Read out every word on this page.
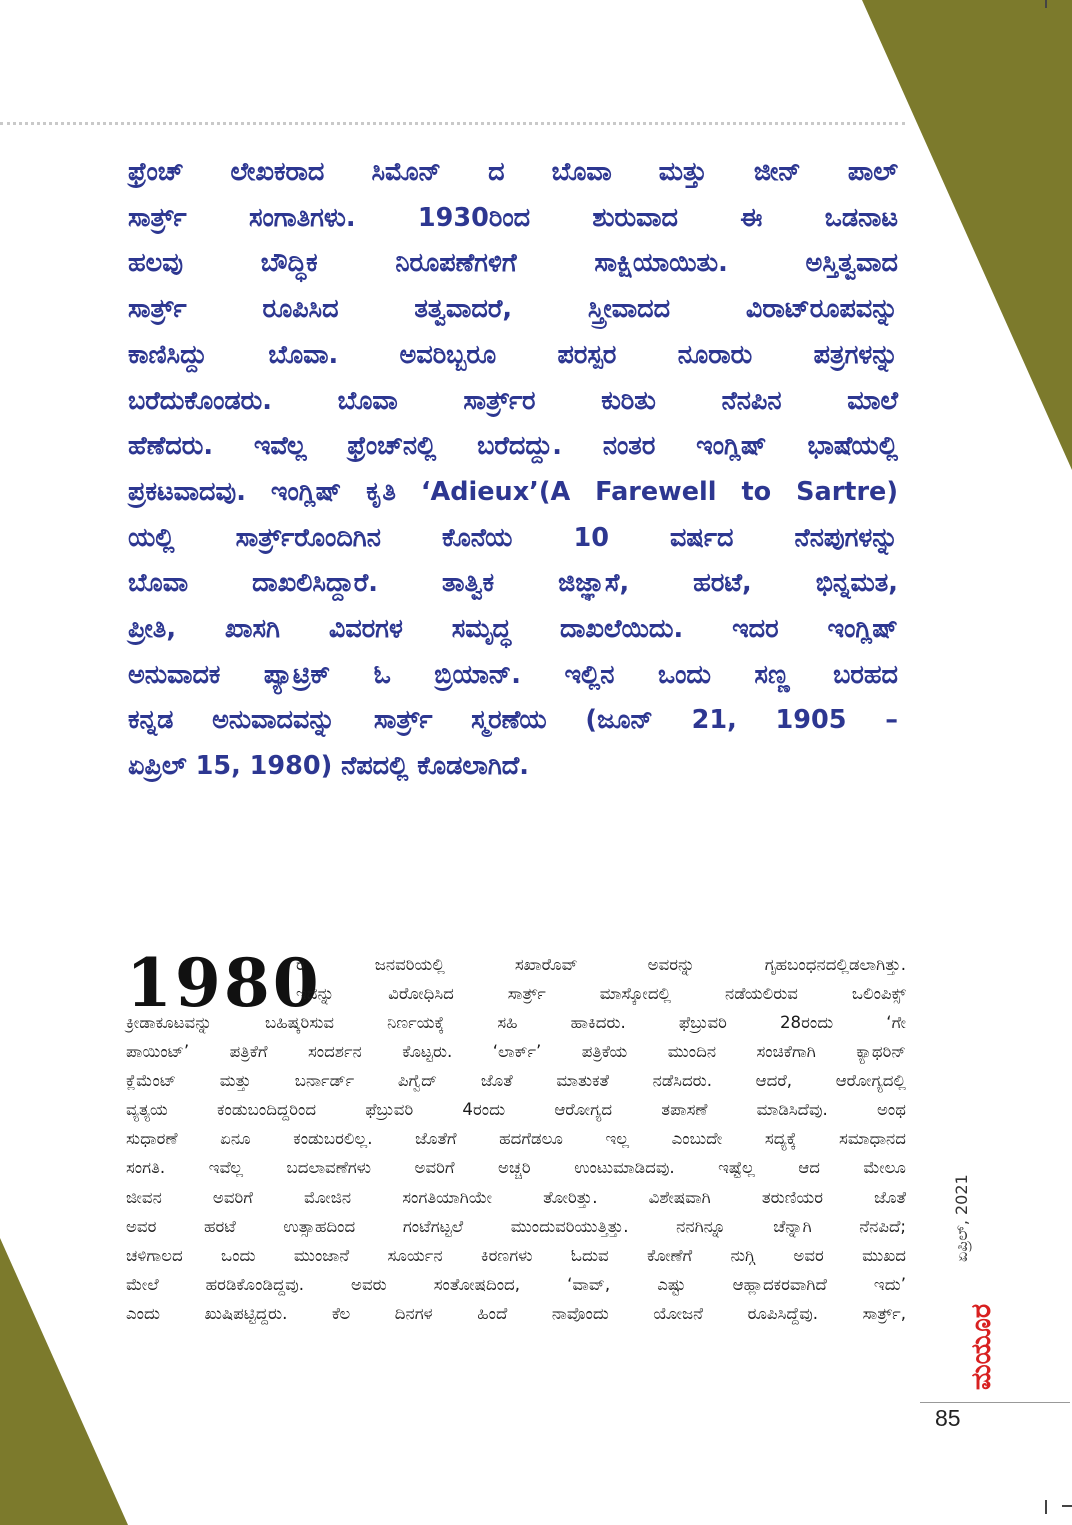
ಫ್ರೆಂಚ್ ಲೇಖಕರಾದ ಸಿಮೊನ್ ದ ಬೊವಾ ಮತ್ತು ಜೀನ್ ಪಾಲ್
ಸಾರ್ತ್ರ್ ಸಂಗಾತಿಗಳು. 1930ರಿಂದ ಶುರುವಾದ ಈ ಒಡನಾಟ
ಹಲವು ಬೌದ್ಧಿಕ ನಿರೂಪಣೆಗಳಿಗೆ ಸಾಕ್ಷಿಯಾಯಿತು. ಅಸ್ತಿತ್ವವಾದ
ಸಾರ್ತ್ರ್ ರೂಪಿಸಿದ ತತ್ವವಾದರೆ, ಸ್ತ್ರೀವಾದದ ವಿರಾಟ್‌ರೂಪವನ್ನು
ಕಾಣಿಸಿದ್ದು ಬೊವಾ. ಅವರಿಬ್ಬರೂ ಪರಸ್ಪರ ನೂರಾರು ಪತ್ರಗಳನ್ನು
ಬರೆದುಕೊಂಡರು. ಬೊವಾ ಸಾರ್ತ್ರ್‌ರ ಕುರಿತು ನೆನಪಿನ ಮಾಲೆ
ಹೆಣೆದರು. ಇವೆಲ್ಲ ಫ್ರೆಂಚ್‌ನಲ್ಲಿ ಬರೆದದ್ದು. ನಂತರ ಇಂಗ್ಲಿಷ್ ಭಾಷೆಯಲ್ಲಿ
ಪ್ರಕಟವಾದವು. ಇಂಗ್ಲಿಷ್ ಕೃತಿ ‘Adieux’(A Farewell to Sartre)
ಯಲ್ಲಿ ಸಾರ್ತ್ರ್‌ರೊಂದಿಗಿನ ಕೊನೆಯ 10 ವರ್ಷದ ನೆನಪುಗಳನ್ನು
ಬೊವಾ ದಾಖಲಿಸಿದ್ದಾರೆ. ತಾತ್ವಿಕ ಜಿಜ್ಞಾಸೆ, ಹರಟೆ, ಭಿನ್ನಮತ,
ಪ್ರೀತಿ, ಖಾಸಗಿ ವಿವರಗಳ ಸಮೃದ್ಧ ದಾಖಲೆಯಿದು. ಇದರ ಇಂಗ್ಲಿಷ್
ಅನುವಾದಕ ಪ್ಯಾಟ್ರಿಕ್ ಓ ಬ್ರಿಯಾನ್‌. ಇಲ್ಲಿನ ಒಂದು ಸಣ್ಣ ಬರಹದ
ಕನ್ನಡ ಅನುವಾದವನ್ನು ಸಾರ್ತ್ರ್ ಸ್ಮರಣೆಯ (ಜೂನ್ 21, 1905 –
ಏಪ್ರಿಲ್ 15, 1980) ನೆಪದಲ್ಲಿ ಕೊಡಲಾಗಿದೆ.
1980
ರ ಜನವರಿಯಲ್ಲಿ ಸಖಾರೊವ್ ಅವರನ್ನು ಗೃಹಬಂಧನದಲ್ಲಿಡಲಾಗಿತ್ತು.
ಇದನ್ನು ವಿರೋಧಿಸಿದ ಸಾರ್ತ್ರ್ ಮಾಸ್ಕೋದಲ್ಲಿ ನಡೆಯಲಿರುವ ಒಲಿಂಪಿಕ್ಸ್
ಕ್ರೀಡಾಕೂಟವನ್ನು ಬಹಿಷ್ಕರಿಸುವ ನಿರ್ಣಯಕ್ಕೆ ಸಹಿ ಹಾಕಿದರು. ಫೆಬ್ರುವರಿ 28ರಂದು ‘ಗೇ
ಪಾಯಿಂಟ್’ ಪತ್ರಿಕೆಗೆ ಸಂದರ್ಶನ ಕೊಟ್ಟರು. ‘ಲಾರ್ಕ್’ ಪತ್ರಿಕೆಯ ಮುಂದಿನ ಸಂಚಿಕೆಗಾಗಿ ಕ್ಯಾಥರಿನ್
ಕ್ಲೆಮೆಂಟ್ ಮತ್ತು ಬರ್ನಾರ್ಡ್ ಪಿಗ್ವೆದ್ ಜೊತೆ ಮಾತುಕತೆ ನಡೆಸಿದರು. ಆದರೆ, ಆರೋಗ್ಯದಲ್ಲಿ
ವ್ಯತ್ಯಯ ಕಂಡುಬಂದಿದ್ದರಿಂದ ಫೆಬ್ರುವರಿ 4ರಂದು ಆರೋಗ್ಯದ ತಪಾಸಣೆ ಮಾಡಿಸಿದೆವು. ಅಂಥ
ಸುಧಾರಣೆ ಏನೂ ಕಂಡುಬರಲಿಲ್ಲ. ಜೊತೆಗೆ ಹದಗೆಡಲೂ ಇಲ್ಲ ಎಂಬುದೇ ಸದ್ಯಕ್ಕೆ ಸಮಾಧಾನದ
ಸಂಗತಿ. ಇವೆಲ್ಲ ಬದಲಾವಣೆಗಳು ಅವರಿಗೆ ಅಚ್ಚರಿ ಉಂಟುಮಾಡಿದವು. ಇಷ್ಟೆಲ್ಲ ಆದ ಮೇಲೂ
ಜೀವನ ಅವರಿಗೆ ಮೋಜಿನ ಸಂಗತಿಯಾಗಿಯೇ ತೋರಿತ್ತು. ವಿಶೇಷವಾಗಿ ತರುಣಿಯರ ಜೊತೆ
ಅವರ ಹರಟೆ ಉತ್ಸಾಹದಿಂದ ಗಂಟೆಗಟ್ಟಲೆ ಮುಂದುವರಿಯುತ್ತಿತ್ತು. ನನಗಿನ್ನೂ ಚೆನ್ನಾಗಿ ನೆನಪಿದೆ;
ಚಳಿಗಾಲದ ಒಂದು ಮುಂಜಾನೆ ಸೂರ್ಯನ ಕಿರಣಗಳು ಓದುವ ಕೋಣೆಗೆ ನುಗ್ಗಿ ಅವರ ಮುಖದ
ಮೇಲೆ ಹರಡಿಕೊಂಡಿದ್ದವು. ಅವರು ಸಂತೋಷದಿಂದ, ‘ವಾವ್, ಎಷ್ಟು ಆಹ್ಲಾದಕರವಾಗಿದೆ ಇದು’
ಎಂದು ಖುಷಿಪಟ್ಟಿದ್ದರು. ಕೆಲ ದಿನಗಳ ಹಿಂದೆ ನಾವೊಂದು ಯೋಜನೆ ರೂಪಿಸಿದ್ದೆವು. ಸಾರ್ತ್ರ್,
ಏಪ್ರಿಲ್, 2021
ಮಯೂರ
85
